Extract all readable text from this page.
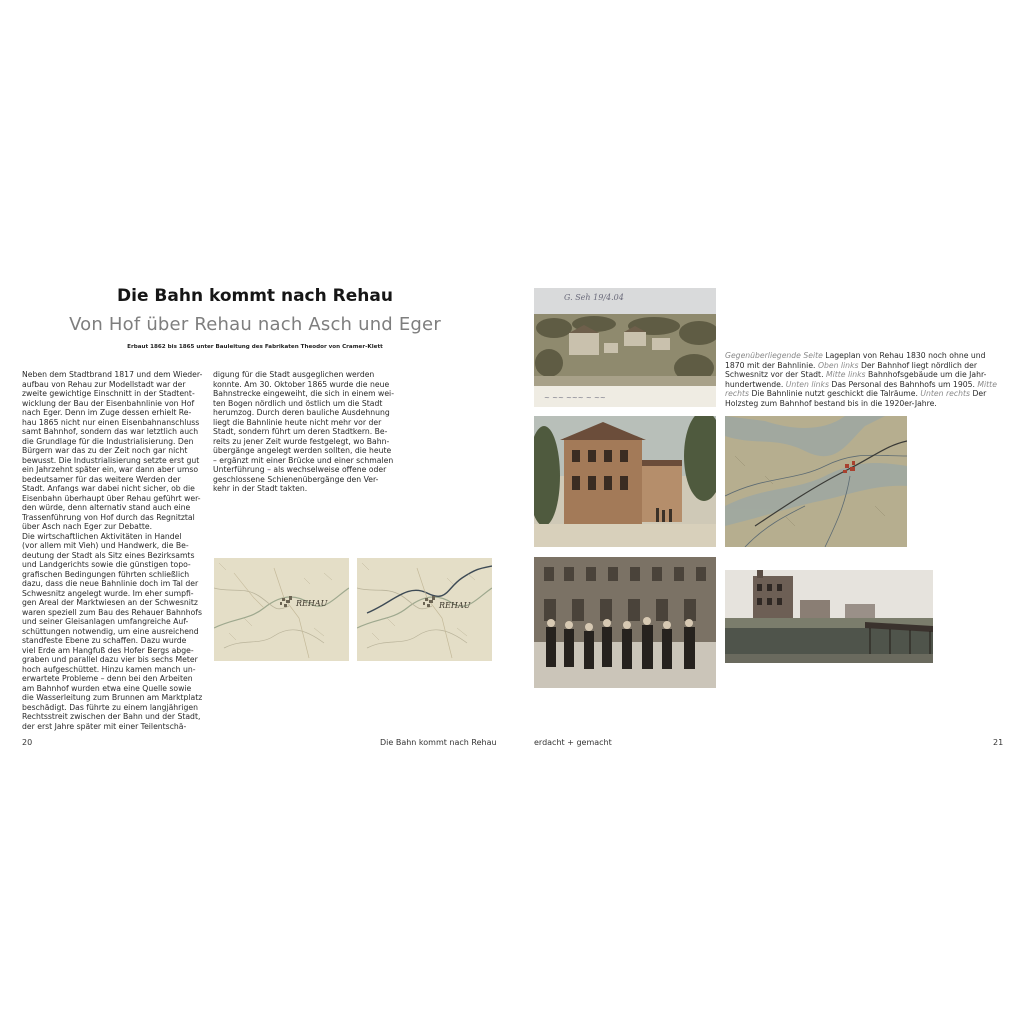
Die Bahn kommt nach Rehau
Von Hof über Rehau nach Asch und Eger
Erbaut 1862 bis 1865 unter Bauleitung des Fabrikaten Theodor von Cramer-Klett
Neben dem Stadtbrand 1817 und dem Wieder-
aufbau von Rehau zur Modellstadt war der
zweite gewichtige Einschnitt in der Stadtent-
wicklung der Bau der Eisenbahnlinie von Hof
nach Eger. Denn im Zuge dessen erhielt Re-
hau 1865 nicht nur einen Eisenbahnanschluss
samt Bahnhof, sondern das war letztlich auch
die Grundlage für die Industrialisierung. Den
Bürgern war das zu der Zeit noch gar nicht
bewusst. Die Industrialisierung setzte erst gut
ein Jahrzehnt später ein, war dann aber umso
bedeutsamer für das weitere Werden der
Stadt. Anfangs war dabei nicht sicher, ob die
Eisenbahn überhaupt über Rehau geführt wer-
den würde, denn alternativ stand auch eine
Trassenführung von Hof durch das Regnitztal
über Asch nach Eger zur Debatte.
Die wirtschaftlichen Aktivitäten in Handel
(vor allem mit Vieh) und Handwerk, die Be-
deutung der Stadt als Sitz eines Bezirksamts
und Landgerichts sowie die günstigen topo-
grafischen Bedingungen führten schließlich
dazu, dass die neue Bahnlinie doch im Tal der
Schwesnitz angelegt wurde. Im eher sumpfi-
gen Areal der Marktwiesen an der Schwesnitz
waren speziell zum Bau des Rehauer Bahnhofs
und seiner Gleisanlagen umfangreiche Auf-
schüttungen notwendig, um eine ausreichend
standfeste Ebene zu schaffen. Dazu wurde
viel Erde am Hangfuß des Hofer Bergs abge-
graben und parallel dazu vier bis sechs Meter
hoch aufgeschüttet. Hinzu kamen manch un-
erwartete Probleme – denn bei den Arbeiten
am Bahnhof wurden etwa eine Quelle sowie
die Wasserleitung zum Brunnen am Marktplatz
beschädigt. Das führte zu einem langjährigen
Rechtsstreit zwischen der Bahn und der Stadt,
der erst Jahre später mit einer Teilentschä-
digung für die Stadt ausgeglichen werden
konnte. Am 30. Oktober 1865 wurde die neue
Bahnstrecke eingeweiht, die sich in einem wei-
ten Bogen nördlich und östlich um die Stadt
herumzog. Durch deren bauliche Ausdehnung
liegt die Bahnlinie heute nicht mehr vor der
Stadt, sondern führt um deren Stadtkern. Be-
reits zu jener Zeit wurde festgelegt, wo Bahn-
übergänge angelegt werden sollten, die heute
– ergänzt mit einer Brücke und einer schmalen
Unterführung – als wechselweise offene oder
geschlossene Schienenübergänge den Ver-
kehr in der Stadt takten.
REHAU	REHAU
20	Die Bahn kommt nach Rehau	erdacht + gemacht	21
~ ~~ ~~~ ~ ~~
G. Seh 19/4.04
Gegenüberliegende Seite Lageplan von Rehau 1830 noch ohne und
1870 mit der Bahnlinie. Oben links Der Bahnhof liegt nördlich der
Schwesnitz vor der Stadt. Mitte links Bahnhofsgebäude um die Jahr-
hundertwende. Unten links Das Personal des Bahnhofs um 1905. Mitte
rechts Die Bahnlinie nutzt geschickt die Talräume. Unten rechts Der
Holzsteg zum Bahnhof bestand bis in die 1920er-Jahre.
